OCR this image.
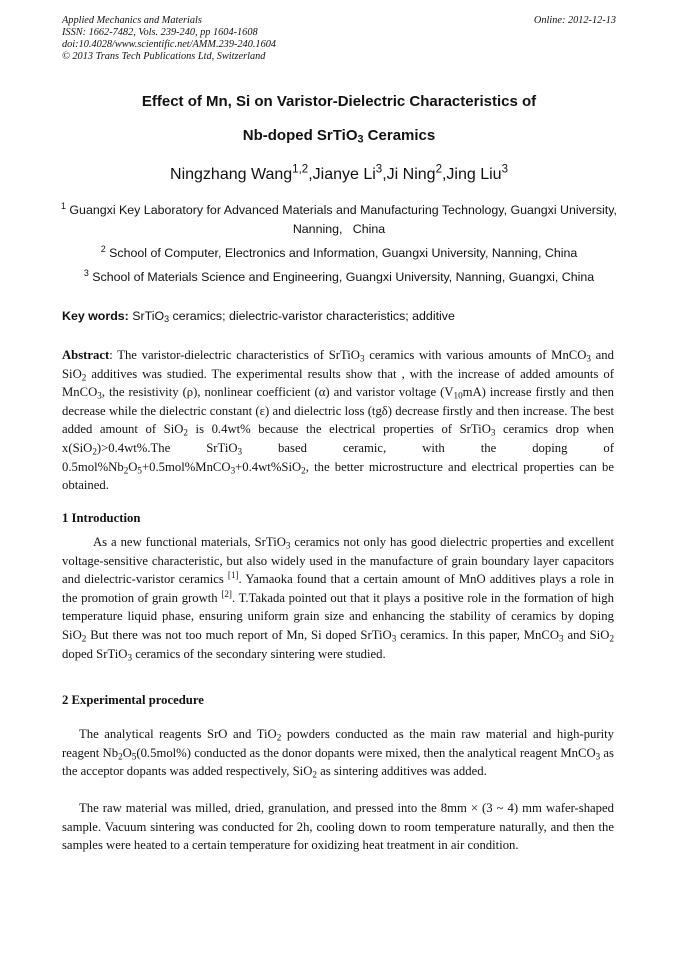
Applied Mechanics and Materials
ISSN: 1662-7482, Vols. 239-240, pp 1604-1608
doi:10.4028/www.scientific.net/AMM.239-240.1604
© 2013 Trans Tech Publications Ltd, Switzerland
Online: 2012-12-13
Effect of Mn, Si on Varistor-Dielectric Characteristics of
Nb-doped SrTiO$_3$ Ceramics
Ningzhang Wang$^{1,2}$,Jianye Li$^3$,Ji Ning$^2$,Jing Liu$^3$
$^1$ Guangxi Key Laboratory for Advanced Materials and Manufacturing Technology, Guangxi University, Nanning,   China
$^2$ School of Computer, Electronics and Information, Guangxi University, Nanning, China
$^3$ School of Materials Science and Engineering, Guangxi University, Nanning, Guangxi, China
Key words: SrTiO$_3$ ceramics; dielectric-varistor characteristics; additive
Abstract: The varistor-dielectric characteristics of SrTiO$_3$ ceramics with various amounts of MnCO$_3$ and SiO$_2$ additives was studied. The experimental results show that , with the increase of added amounts of MnCO$_3$, the resistivity (ρ), nonlinear coefficient (α) and varistor voltage $(V_{10}mA)$ increase firstly and then decrease while the dielectric constant (ε) and dielectric loss (tgδ) decrease firstly and then increase. The best added amount of SiO$_2$ is 0.4wt% because the electrical properties of SrTiO$_3$ ceramics drop when x(SiO$_2$)>0.4wt%.The SrTiO$_3$ based ceramic, with the doping of $0.5mol\%Nb_2O_5+0.5mol\%MnCO_3+0.4wt\%SiO_2$, the better microstructure and electrical properties can be obtained.
1 Introduction
As a new functional materials, SrTiO$_3$ ceramics not only has good dielectric properties and excellent voltage-sensitive characteristic, but also widely used in the manufacture of grain boundary layer capacitors and dielectric-varistor ceramics [1]. Yamaoka found that a certain amount of MnO additives plays a role in the promotion of grain growth [2]. T.Takada pointed out that it plays a positive role in the formation of high temperature liquid phase, ensuring uniform grain size and enhancing the stability of ceramics by doping SiO$_2$ But there was not too much report of Mn, Si doped SrTiO$_3$ ceramics. In this paper, MnCO$_3$ and SiO$_2$ doped SrTiO$_3$ ceramics of the secondary sintering were studied.
2 Experimental procedure
The analytical reagents SrO and TiO$_2$ powders conducted as the main raw material and high-purity reagent $Nb_2O_5(0.5mol\%)$ conducted as the donor dopants were mixed, then the analytical reagent MnCO$_3$ as the acceptor dopants was added respectively, SiO$_2$ as sintering additives was added.
The raw material was milled, dried, granulation, and pressed into the 8mm × (3 ~ 4) mm wafer-shaped sample. Vacuum sintering was conducted for 2h, cooling down to room temperature naturally, and then the samples were heated to a certain temperature for oxidizing heat treatment in air condition.
